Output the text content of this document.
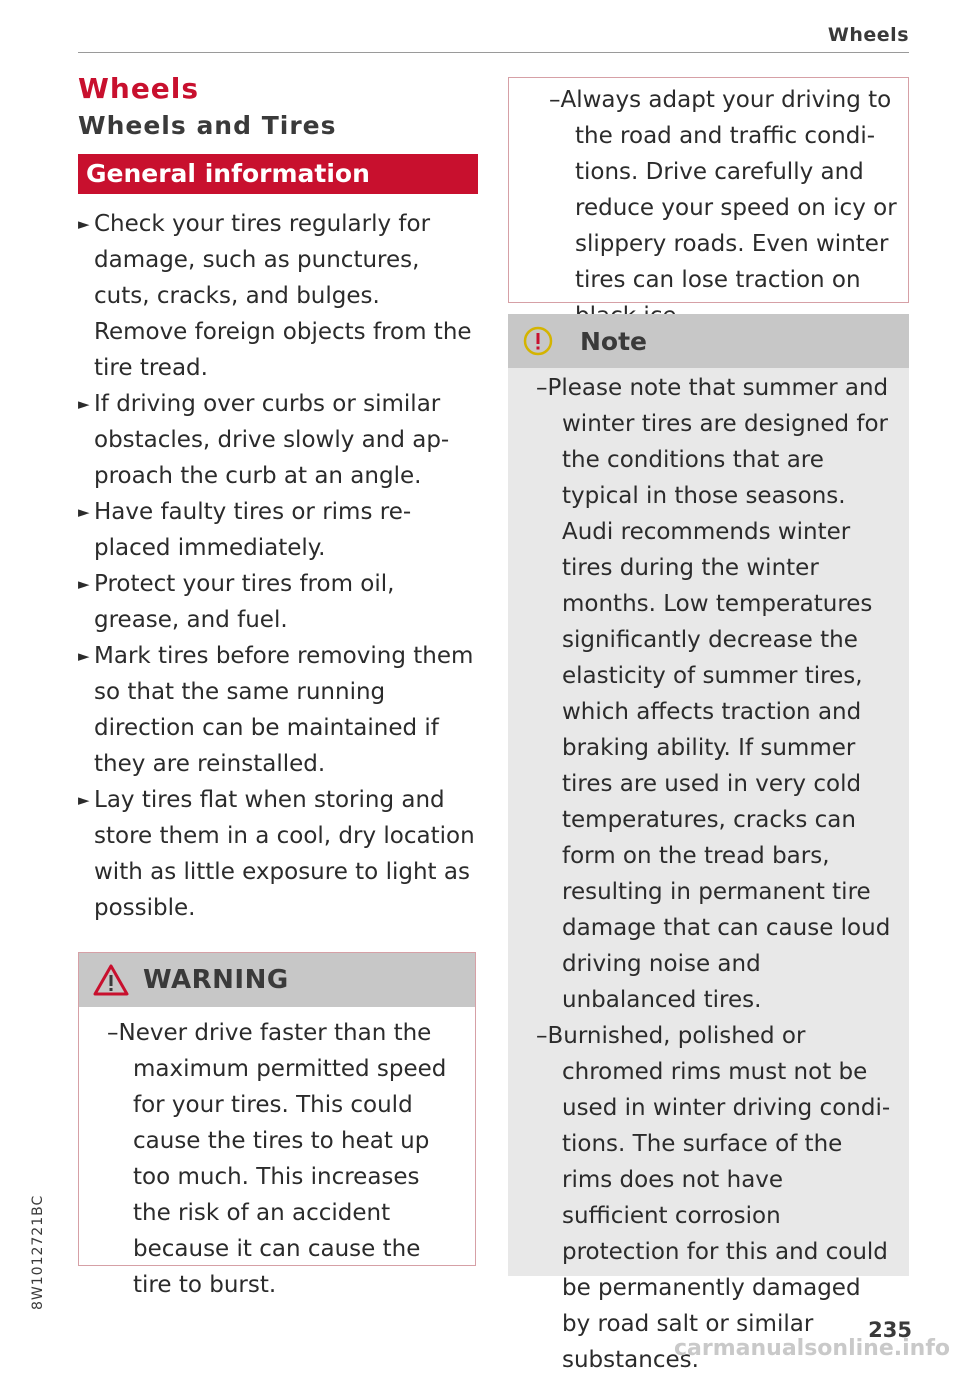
Wheels
Wheels
Wheels and Tires
General information
► Check your tires regularly for damage, such as punctures, cuts, cracks, and bulges. Remove foreign objects from the tire tread.
► If driving over curbs or similar obstacles, drive slowly and approach the curb at an angle.
► Have faulty tires or rims replaced immediately.
► Protect your tires from oil, grease, and fuel.
► Mark tires before removing them so that the same running direction can be maintained if they are reinstalled.
► Lay tires flat when storing and store them in a cool, dry location with as little exposure to light as possible.
WARNING
–Never drive faster than the maximum permitted speed for your tires. This could cause the tires to heat up too much. This increases the risk of an accident because it can cause the tire to burst.
–Always adapt your driving to the road and traffic conditions. Drive carefully and reduce your speed on icy or slippery roads. Even winter tires can lose traction on
Note
–Please note that summer and winter tires are designed for the conditions that are typical in those seasons. Audi recommends winter tires during the winter months. Low temperatures significantly decrease the elasticity of summer tires, which affects traction and braking ability. If summer tires are used in very cold temperatures, cracks can form on the tread bars, resulting in permanent tire damage that can cause loud driving noise and unbalanced tires.
–Burnished, polished or chromed rims must not be used in winter driving conditions. The surface of the rims does not have sufficient corrosion protection for this and could be permanently damaged by road salt or similar substances.
8W1012721BC
235
carmanualsonline.info
